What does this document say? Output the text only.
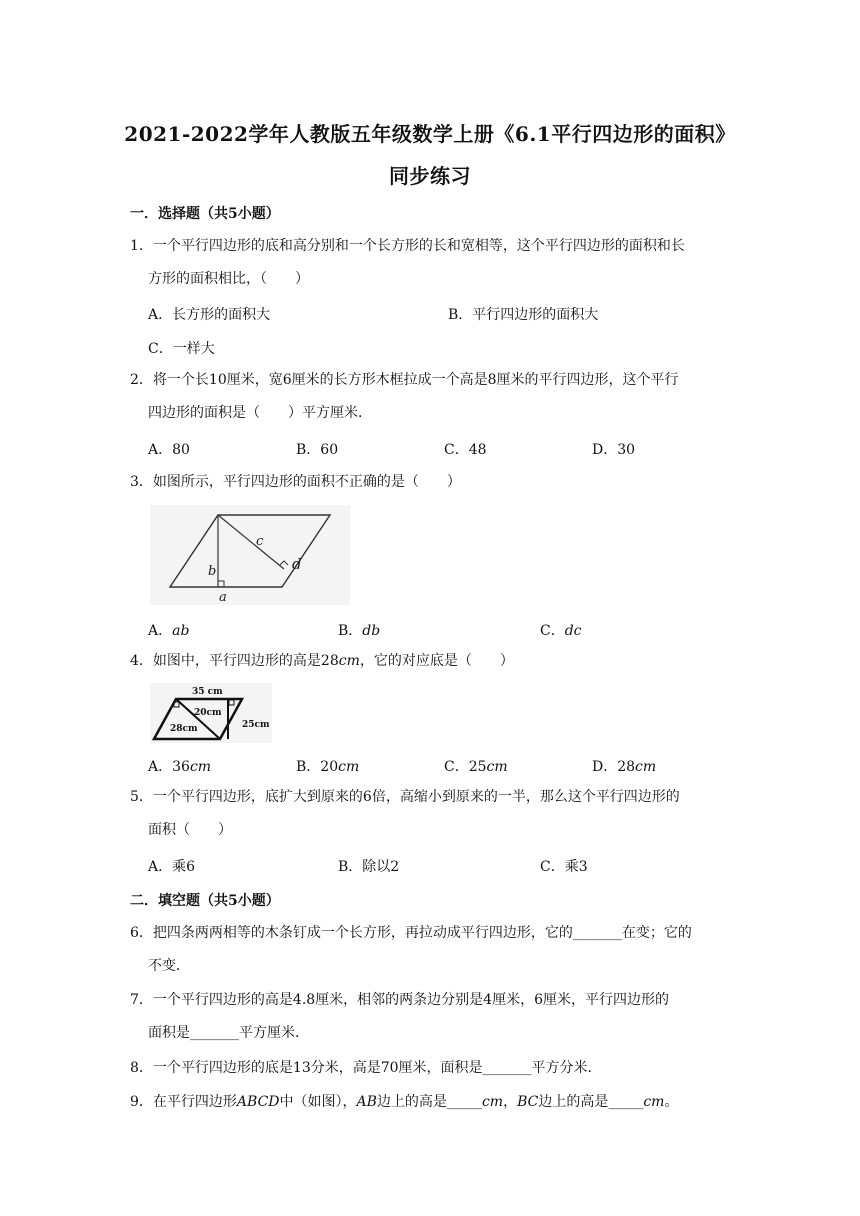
2021-2022学年人教版五年级数学上册《6.1平行四边形的面积》
同步练习
一．选择题（共5小题）
1．一个平行四边形的底和高分别和一个长方形的长和宽相等，这个平行四边形的面积和长
方形的面积相比，（　　）
A．长方形的面积大	B．平行四边形的面积大
C．一样大
2．将一个长10厘米，宽6厘米的长方形木框拉成一个高是8厘米的平行四边形，这个平行
四边形的面积是（　　）平方厘米．
A．80	B．60	C．48	D．30
3．如图所示，平行四边形的面积不正确的是（　　）
c
d
b
a
A．ab	B．db	C．dc
4．如图中，平行四边形的高是28cm，它的对应底是（　　）
35 cm
20cm
28cm	25cm
A．36cm	B．20cm	C．25cm	D．28cm
5．一个平行四边形，底扩大到原来的6倍，高缩小到原来的一半，那么这个平行四边形的
面积（　　）
A．乘6	B．除以2	C．乘3
二．填空题（共5小题）
6．把四条两两相等的木条钉成一个长方形，再拉动成平行四边形，它的_______在变；它的
不变．
7．一个平行四边形的高是4.8厘米，相邻的两条边分别是4厘米，6厘米，平行四边形的
面积是_______平方厘米．
8．一个平行四边形的底是13分米，高是70厘米，面积是_______平方分米．
9．在平行四边形ABCD中（如图），AB边上的高是_____cm，BC边上的高是_____cm。
